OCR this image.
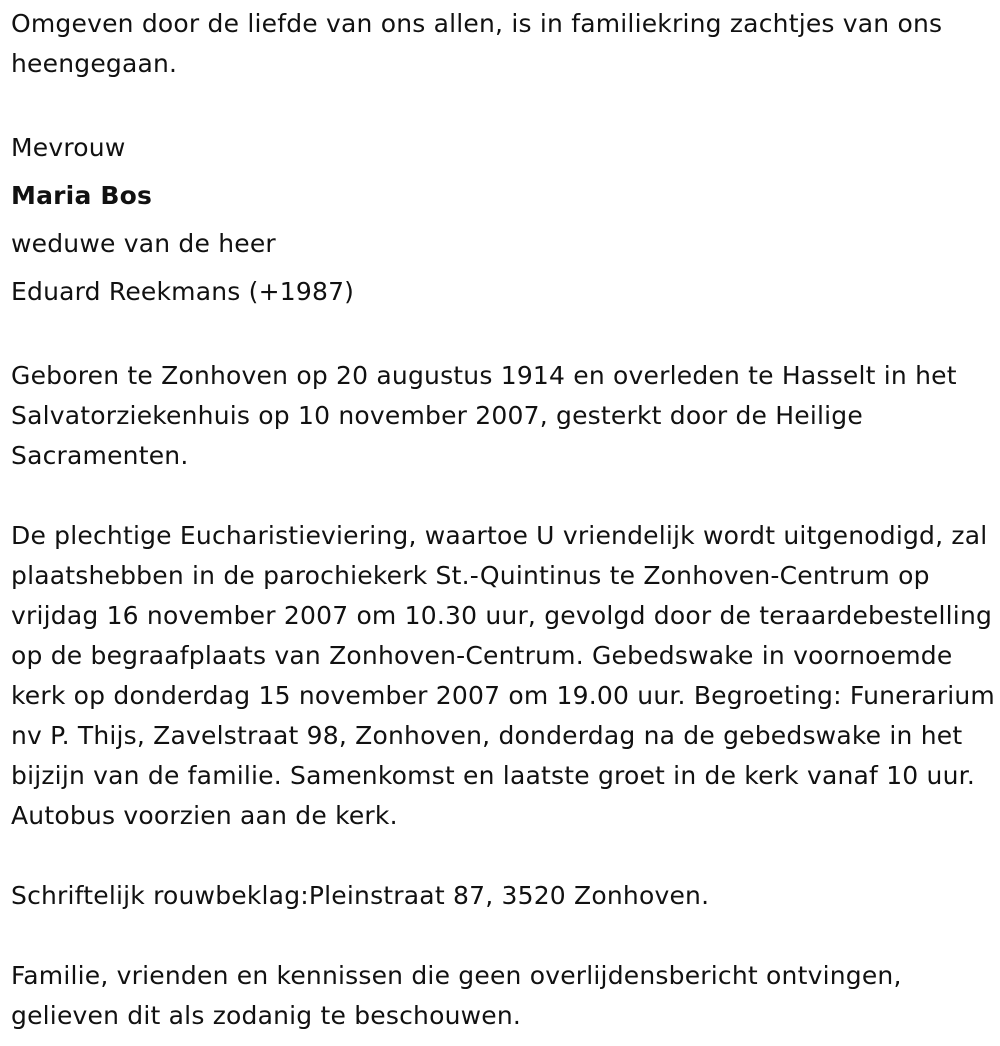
Omgeven door de liefde van ons allen, is in familiekring zachtjes van ons heengegaan.

Mevrouw
Maria Bos
weduwe van de heer
Eduard Reekmans (+1987)

Geboren te Zonhoven op 20 augustus 1914 en overleden te Hasselt in het Salvatorziekenhuis op 10 november 2007, gesterkt door de Heilige Sacramenten.

De plechtige Eucharistieviering, waartoe U vriendelijk wordt uitgenodigd, zal plaatshebben in de parochiekerk St.-Quintinus te Zonhoven-Centrum op vrijdag 16 november 2007 om 10.30 uur, gevolgd door de teraardebestelling op de begraafplaats van Zonhoven-Centrum. Gebedswake in voornoemde kerk op donderdag 15 november 2007 om 19.00 uur. Begroeting: Funerarium nv P. Thijs, Zavelstraat 98, Zonhoven, donderdag na de gebedswake in het bijzijn van de familie. Samenkomst en laatste groet in de kerk vanaf 10 uur. Autobus voorzien aan de kerk.

Schriftelijk rouwbeklag:Pleinstraat 87, 3520 Zonhoven.

Familie, vrienden en kennissen die geen overlijdensbericht ontvingen, gelieven dit als zodanig te beschouwen.
